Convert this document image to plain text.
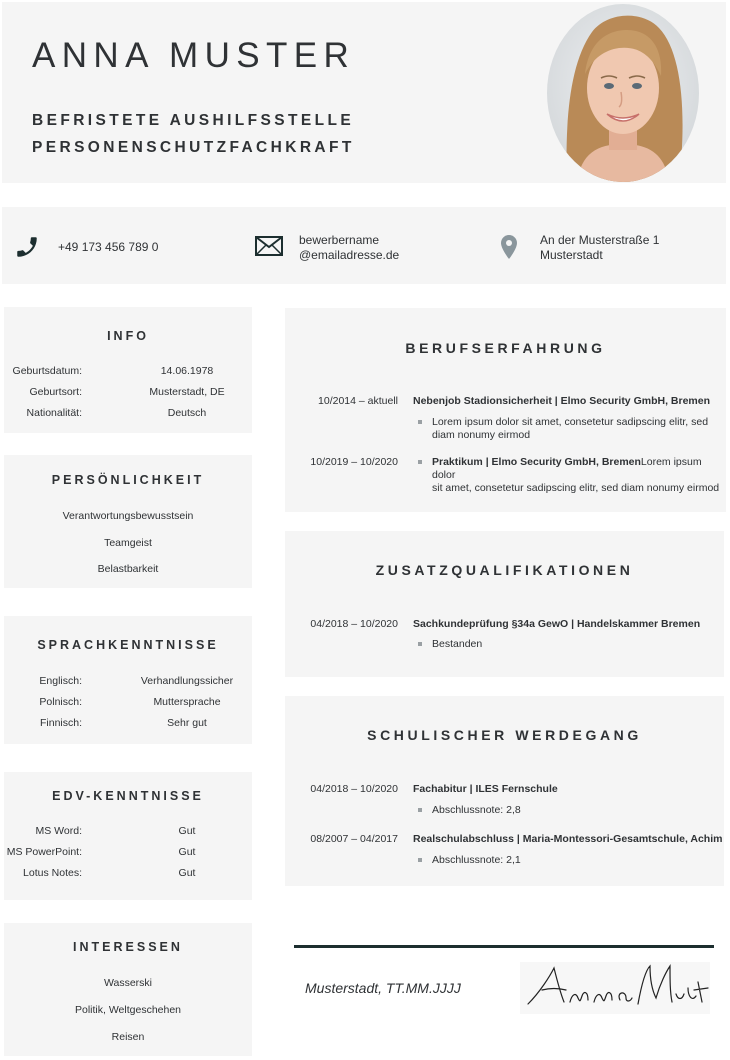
ANNA MUSTER
BEFRISTETE AUSHILFSSTELLE
PERSONENSCHUTZFACHKRAFT
+49 173 456 789 0	bewerbername
@emailadresse.de
An der Musterstraße 1
Musterstadt
INFO
Geburtsdatum:	14.06.1978
Geburtsort:	Musterstadt, DE
Nationalität:	Deutsch
PERSÖNLICHKEIT
Verantwortungsbewusstsein
Teamgeist
Belastbarkeit
SPRACHKENNTNISSE
Englisch:	Verhandlungssicher
Polnisch:	Muttersprache
Finnisch:	Sehr gut
EDV-KENNTNISSE
MS Word:	Gut
MS PowerPoint:	Gut
Lotus Notes:	Gut
INTERESSEN
Wasserski
Politik, Weltgeschehen
Reisen
BERUFSERFAHRUNG
10/2014 – aktuell Nebenjob Stadionsicherheit | Elmo Security GmbH, Bremen
Lorem ipsum dolor sit amet, consetetur sadipscing elitr, sed
diam nonumy eirmod
10/2019 – 10/2020	Praktikum | Elmo Security GmbH, BremenLorem ipsum dolor
sit amet, consetetur sadipscing elitr, sed diam nonumy eirmod
ZUSATZQUALIFIKATIONEN
04/2018 – 10/2020 Sachkundeprüfung §34a GewO | Handelskammer Bremen
Bestanden
SCHULISCHER WERDEGANG
04/2018 – 10/2020 Fachabitur | ILES Fernschule
Abschlussnote: 2,8
08/2007 – 04/2017 Realschulabschluss | Maria-Montessori-Gesamtschule, Achim
Abschlussnote: 2,1
Musterstadt, TT.MM.JJJJ
